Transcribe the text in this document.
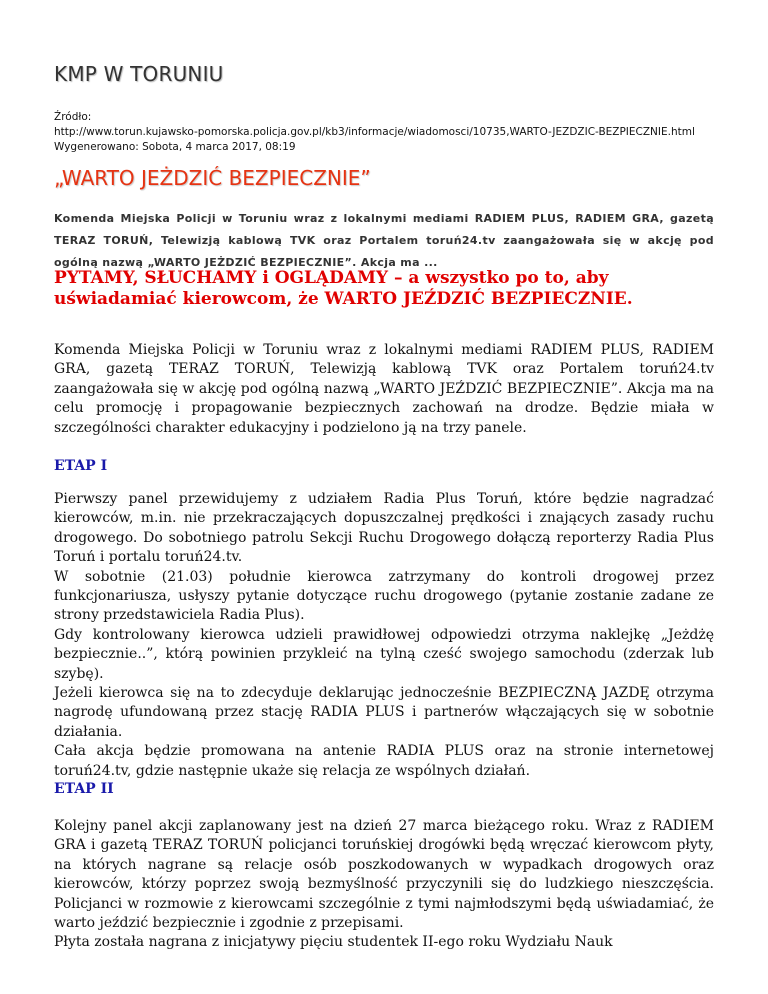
KMP W TORUNIU
Źródło:
http://www.torun.kujawsko-pomorska.policja.gov.pl/kb3/informacje/wiadomosci/10735,WARTO-JEZDZIC-BEZPIECZNIE.html
Wygenerowano: Sobota, 4 marca 2017, 08:19
„WARTO JEŻDZIĆ BEZPIECZNIE”

Komenda Miejska Policji w Toruniu wraz z lokalnymi mediami RADIEM PLUS, RADIEM GRA, gazetą TERAZ TORUŃ, Telewizją kablową TVK oraz Portalem toruń24.tv zaangażowała się w akcję pod ogólną nazwą „WARTO JEŻDZIĆ BEZPIECZNIE”. Akcja ma ...

PYTAMY, SŁUCHAMY i OGLĄDAMY – a wszystko po to, aby uświadamiać kierowcom, że WARTO JEŹDZIĆ BEZPIECZNIE.

Komenda Miejska Policji w Toruniu wraz z lokalnymi mediami RADIEM PLUS, RADIEM GRA, gazetą TERAZ TORUŃ, Telewizją kablową TVK oraz Portalem toruń24.tv zaangażowała się w akcję pod ogólną nazwą „WARTO JEŹDZIĆ BEZPIECZNIE”. Akcja ma na celu promocję i propagowanie bezpiecznych zachowań na drodze. Będzie miała w szczególności charakter edukacyjny i podzielono ją na trzy panele.

ETAP I
Pierwszy panel przewidujemy z udziałem Radia Plus Toruń, które będzie nagradzać kierowców, m.in. nie przekraczających dopuszczalnej prędkości i znających zasady ruchu drogowego. Do sobotniego patrolu Sekcji Ruchu Drogowego dołączą reporterzy Radia Plus Toruń i portalu toruń24.tv.
W sobotnie (21.03) południe kierowca zatrzymany do kontroli drogowej przez funkcjonariusza, usłyszy pytanie dotyczące ruchu drogowego (pytanie zostanie zadane ze strony przedstawiciela Radia Plus).
Gdy kontrolowany kierowca udzieli prawidłowej odpowiedzi otrzyma naklejkę „Jeżdżę bezpiecznie..”, którą powinien przykleić na tylną cześć swojego samochodu (zderzak lub szybę).
Jeżeli kierowca się na to zdecyduje deklarując jednocześnie BEZPIECZNĄ JAZDĘ otrzyma nagrodę ufundowaną przez stację RADIA PLUS i partnerów włączających się w sobotnie działania.
Cała akcja będzie promowana na antenie RADIA PLUS oraz na stronie internetowej toruń24.tv, gdzie następnie ukaże się relacja ze wspólnych działań.
ETAP II
Kolejny panel akcji zaplanowany jest na dzień 27 marca bieżącego roku. Wraz z RADIEM GRA i gazetą TERAZ TORUŃ policjanci toruńskiej drogówki będą wręczać kierowcom płyty, na których nagrane są relacje osób poszkodowanych w wypadkach drogowych oraz kierowców, którzy poprzez swoją bezmyślność przyczynili się do ludzkiego nieszczęścia. Policjanci w rozmowie z kierowcami szczególnie z tymi najmłodszymi będą uświadamiać, że warto jeździć bezpiecznie i zgodnie z przepisami.
Płyta została nagrana z inicjatywy pięciu studentek II-ego roku Wydziału Nauk
